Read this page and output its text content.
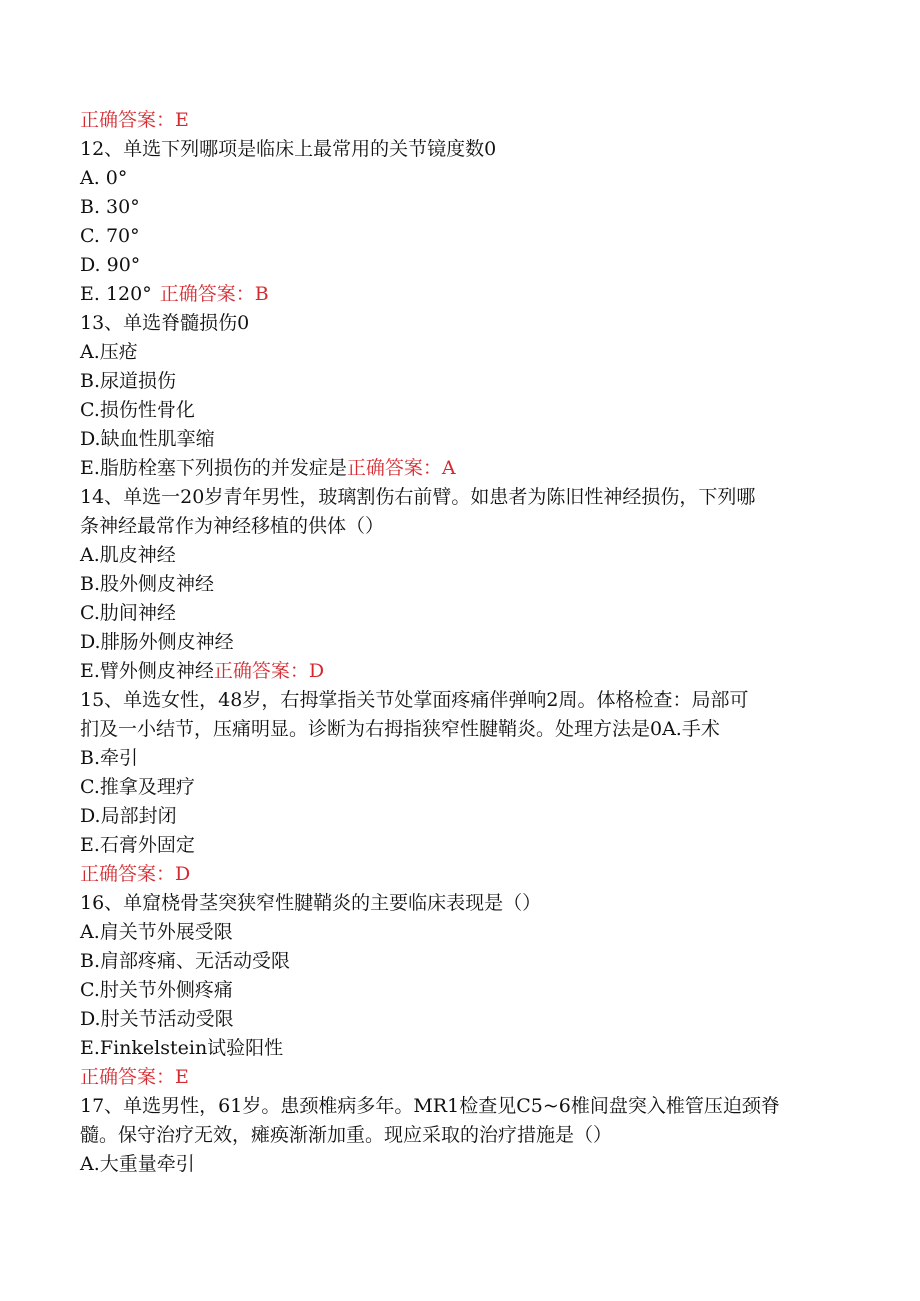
正确答案：E
12、单选下列哪项是临床上最常用的关节镜度数0
A. 0°
B. 30°
C. 70°
D. 90°
E. 120° 正确答案：B
13、单选脊髓损伤0
A.压疮
B.尿道损伤
C.损伤性骨化
D.缺血性肌挛缩
E.脂肪栓塞下列损伤的并发症是正确答案：A
14、单选一20岁青年男性，玻璃割伤右前臂。如患者为陈旧性神经损伤，下列哪
条神经最常作为神经移植的供体（）
A.肌皮神经
B.股外侧皮神经
C.肋间神经
D.腓肠外侧皮神经
E.臂外侧皮神经正确答案：D
15、单选女性，48岁，右拇掌指关节处掌面疼痛伴弹响2周。体格检查：局部可
扪及一小结节，压痛明显。诊断为右拇指狭窄性腱鞘炎。处理方法是0A.手术
B.牵引
C.推拿及理疗
D.局部封闭
E.石膏外固定
正确答案：D
16、单窟桡骨茎突狭窄性腱鞘炎的主要临床表现是（）
A.肩关节外展受限
B.肩部疼痛、无活动受限
C.肘关节外侧疼痛
D.肘关节活动受限
E.Finkelstein试验阳性
正确答案：E
17、单选男性，61岁。患颈椎病多年。MR1检查见C5~6椎间盘突入椎管压迫颈脊
髓。保守治疗无效，瘫痪渐渐加重。现应采取的治疗措施是（）
A.大重量牵引
